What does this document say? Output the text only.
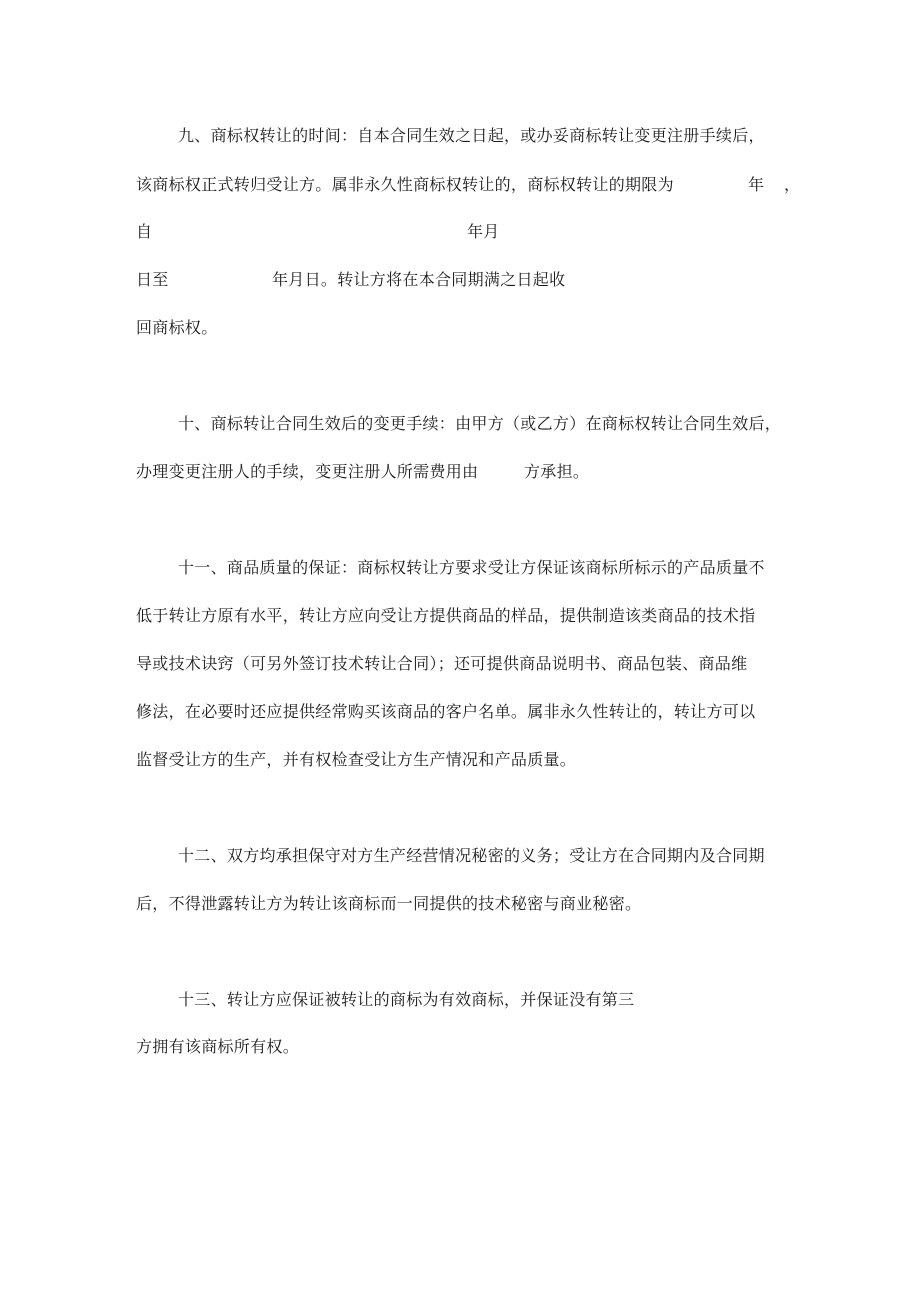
九、商标权转让的时间：自本合同生效之日起，或办妥商标转让变更注册手续后，
该商标权正式转归受让方。属非永久性商标权转让的，商标权转让的期限为	年 ，
自	年月
日至	年月日。转让方将在本合同期满之日起收
回商标权。
十、商标转让合同生效后的变更手续：由甲方（或乙方）在商标权转让合同生效后，
办理变更注册人的手续，变更注册人所需费用由	方承担。
十一、商品质量的保证：商标权转让方要求受让方保证该商标所标示的产品质量不
低于转让方原有水平，转让方应向受让方提供商品的样品，提供制造该类商品的技术指
导或技术诀窍（可另外签订技术转让合同）；还可提供商品说明书、商品包装、商品维
修法，在必要时还应提供经常购买该商品的客户名单。属非永久性转让的，转让方可以
监督受让方的生产，并有权检查受让方生产情况和产品质量。
十二、双方均承担保守对方生产经营情况秘密的义务；受让方在合同期内及合同期
后，不得泄露转让方为转让该商标而一同提供的技术秘密与商业秘密。
十三、转让方应保证被转让的商标为有效商标，并保证没有第三
方拥有该商标所有权。
